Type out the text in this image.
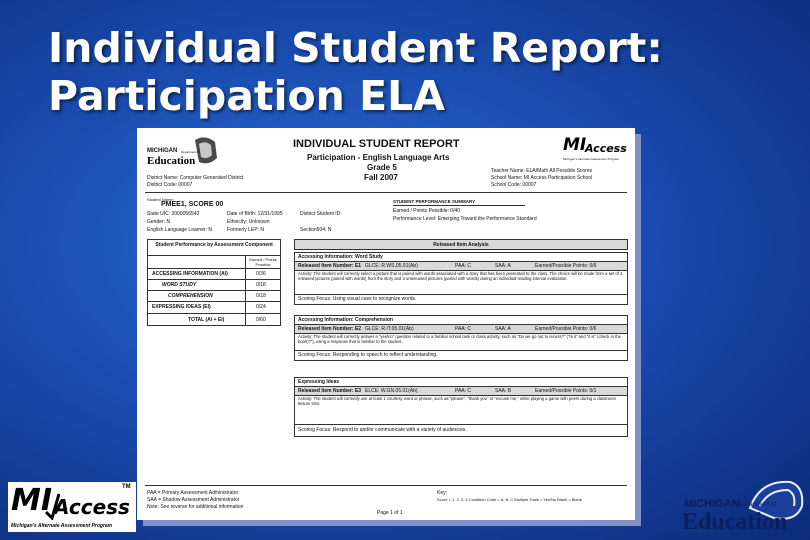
Individual Student Report:
Participation ELA
MICHIGAN Department of
Education
MI
Access
Michigan's Alternate Assessment Program
INDIVIDUAL STUDENT REPORT
Participation - English Language Arts
Grade 5
Fall 2007
District Name: Computer Generated District
District Code: 00007
Teacher Name: ELA/Math All Possible Scores
School Name: MI Access Participation School
School Code: 00007
Student Name:
PMEE1, SCORE 00
State UIC: 2000056543	Date of Birth: 12/31/1995	District Student ID:
Gender: N	Ethnicity: Unknown
English Language Learner: N	Formerly LEP: N	Section504: N
STUDENT PERFORMANCE SUMMARY
Earned / Points Possible: 0/40
Performance Level: Emerging Toward the Performance Standard
Student Performance by Assessment Component
Earned / Points Possible
ACCESSING INFORMATION (AI)	0/36
WORD STUDY	0/18
COMPREHENSION	0/18
EXPRESSING IDEAS (EI)	0/24
TOTAL (AI + EI)	0/60
Released Item Analysis
Accessing Information: Word Study
Released Item Number: E1 GLCE: R.WS.05.01(Ab)	PAA: C	SAA: A	Earned/Possible Points: 0/6
Activity: The student will correctly select a picture that is paired with words associated with a story that has been presented to the class. The choice will be made from a set of 4 released pictures (paired with words) from the story and 4 unreleased pictures (paired with words) during an individual reading interval evaluation.
Scoring Focus: Using visual cues to recognize words.
Accessing Information: Comprehension
Released Item Number: E2 GLCE: R.IT.05.01(Ab)	PAA: C	SAA: A	Earned/Possible Points: 0/6
Activity: The student will correctly answer a "yes/no" question related to a familiar school task or class activity, such as "Do we go out to recess?" ("Is it" and "it is" (check in the book)?"), using a response that is familiar to the student.
Scoring Focus: Responding to speech to reflect understanding.
Expressing Ideas
Released Item Number: E3 ELCE: W.GN.05.01(Ab)	PAA: C	SAA: B	Earned/Possible Points: 0/1
Activity: The student will correctly use at least 1 courtesy word or phrase, such as "please", "thank you" or "excuse me," while playing a game with peers during a classroom leisure time.
Scoring Focus: Respond to and/or communicate with a variety of audiences.
PAA = Primary Assessment Administrator
SAA = Shadow Assessment Administrator
Note: See reverse for additional information
Key:
Score = 1, 2, 3, 4 Condition Code = A, B, C Multiple Trials = Yes/No Blank = Blank
Page 1 of 1
MI Access
TM
Michigan's Alternate Assessment Program
MICHIGAN
Department of
Education
